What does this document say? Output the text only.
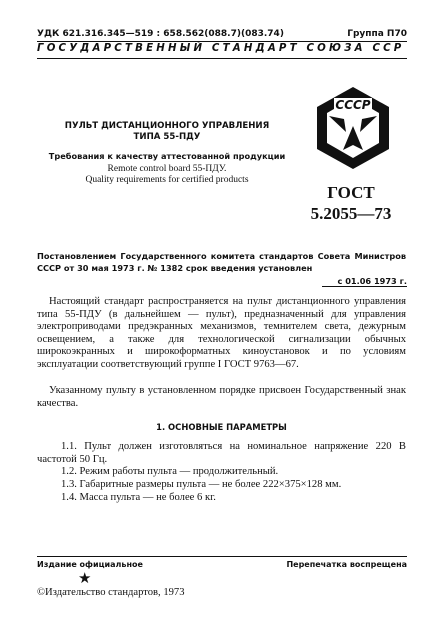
УДК 621.316.345—519 : 658.562(088.7)(083.74)	Группа П70
ГОСУДАРСТВЕННЫЙ СТАНДАРТ СОЮЗА ССР
СССР
ПУЛЬТ ДИСТАНЦИОННОГО УПРАВЛЕНИЯ
ТИПА 55-ПДУ
Требования к качеству аттестованной продукции
Remote control board 55-ПДУ.
Quality requirements for certified products
ГОСТ
5.2055—73
Постановлением Государственного комитета стандартов Совета Министров
СССР от 30 мая 1973 г. № 1382 срок введения установлен
с 01.06 1973 г.
Настоящий стандарт распространяется на пульт дистанционного управления типа 55-ПДУ (в дальнейшем — пульт), предназначенный для управления электроприводами предэкранных механизмов, темнителем света, дежурным освещением, а также для технологической сигнализации обычных широкоэкранных и широкоформатных киноустановок и по условиям эксплуатации соответствующий группе I ГОСТ 9763—67.
Указанному пульту в установленном порядке присвоен Государственный знак качества.
1. ОСНОВНЫЕ ПАРАМЕТРЫ
1.1. Пульт должен изготовляться на номинальное напряжение 220 В частотой 50 Гц.
1.2. Режим работы пульта — продолжительный.
1.3. Габаритные размеры пульта — не более 222×375×128 мм.
1.4. Масса пульта — не более 6 кг.
Издание официальное	Перепечатка воспрещена
★
©Издательство стандартов, 1973
